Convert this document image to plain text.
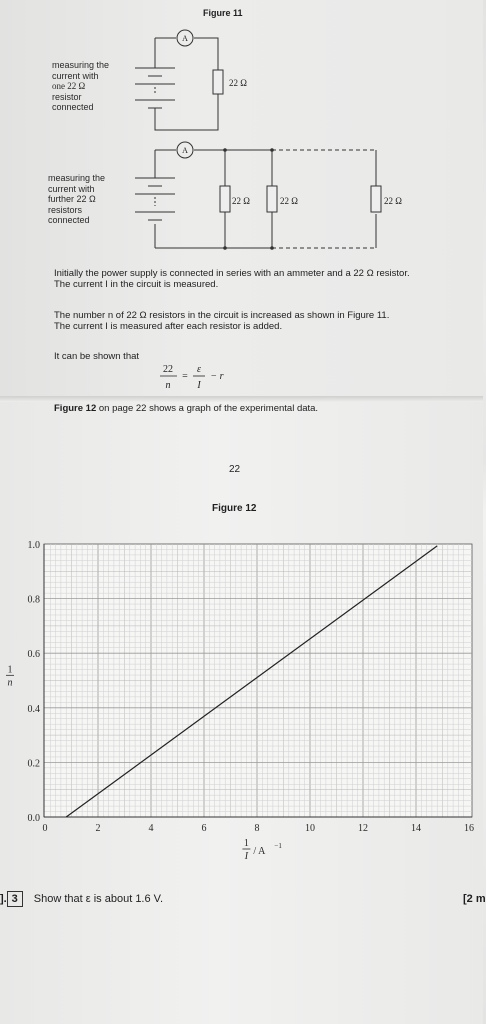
Figure 11
measuring the
current with
one 22 Ω
resistor
connected
measuring the
current with
further 22 Ω
resistors
connected
A
A
22 Ω
22 Ω	22 Ω	22 Ω
Initially the power supply is connected in series with an ammeter and a 22 Ω resistor.
The current I in the circuit is measured.
The number n of 22 Ω resistors in the circuit is increased as shown in Figure 11.
The current I is measured after each resistor is added.
It can be shown that
22
n
=
ε
I
− r
Figure 12 on page 22 shows a graph of the experimental data.
22
Figure 12
0	2	4	6	8	10	12	14	16
0.0
0.2
0.4
0.6
0.8
1.0
1
n
1
I / A −1
]. 3 Show that ε is about 1.6 V.	[2 m
